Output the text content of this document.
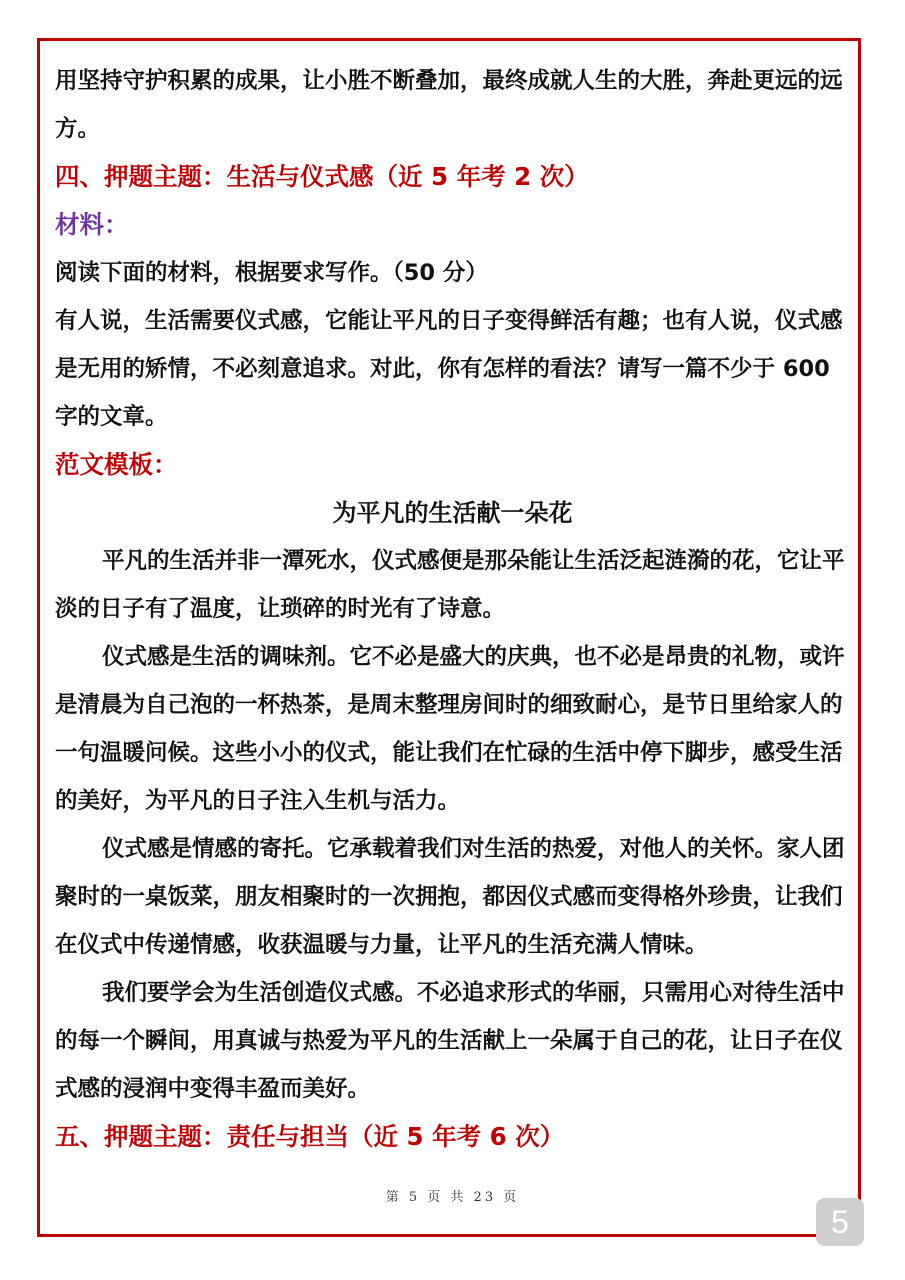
用坚持守护积累的成果，让小胜不断叠加，最终成就人生的大胜，奔赴更远的远方。

四、押题主题：生活与仪式感（近 5 年考 2 次）

材料：

阅读下面的材料，根据要求写作。（50 分）

有人说，生活需要仪式感，它能让平凡的日子变得鲜活有趣；也有人说，仪式感是无用的矫情，不必刻意追求。对此，你有怎样的看法？请写一篇不少于 600 字的文章。

范文模板：

为平凡的生活献一朵花

平凡的生活并非一潭死水，仪式感便是那朵能让生活泛起涟漪的花，它让平淡的日子有了温度，让琐碎的时光有了诗意。

仪式感是生活的调味剂。它不必是盛大的庆典，也不必是昂贵的礼物，或许是清晨为自己泡的一杯热茶，是周末整理房间时的细致耐心，是节日里给家人的一句温暖问候。这些小小的仪式，能让我们在忙碌的生活中停下脚步，感受生活的美好，为平凡的日子注入生机与活力。

仪式感是情感的寄托。它承载着我们对生活的热爱，对他人的关怀。家人团聚时的一桌饭菜，朋友相聚时的一次拥抱，都因仪式感而变得格外珍贵，让我们在仪式中传递情感，收获温暖与力量，让平凡的生活充满人情味。

我们要学会为生活创造仪式感。不必追求形式的华丽，只需用心对待生活中的每一个瞬间，用真诚与热爱为平凡的生活献上一朵属于自己的花，让日子在仪式感的浸润中变得丰盈而美好。

五、押题主题：责任与担当（近 5 年考 6 次）

第 5 页 共 23 页
5
